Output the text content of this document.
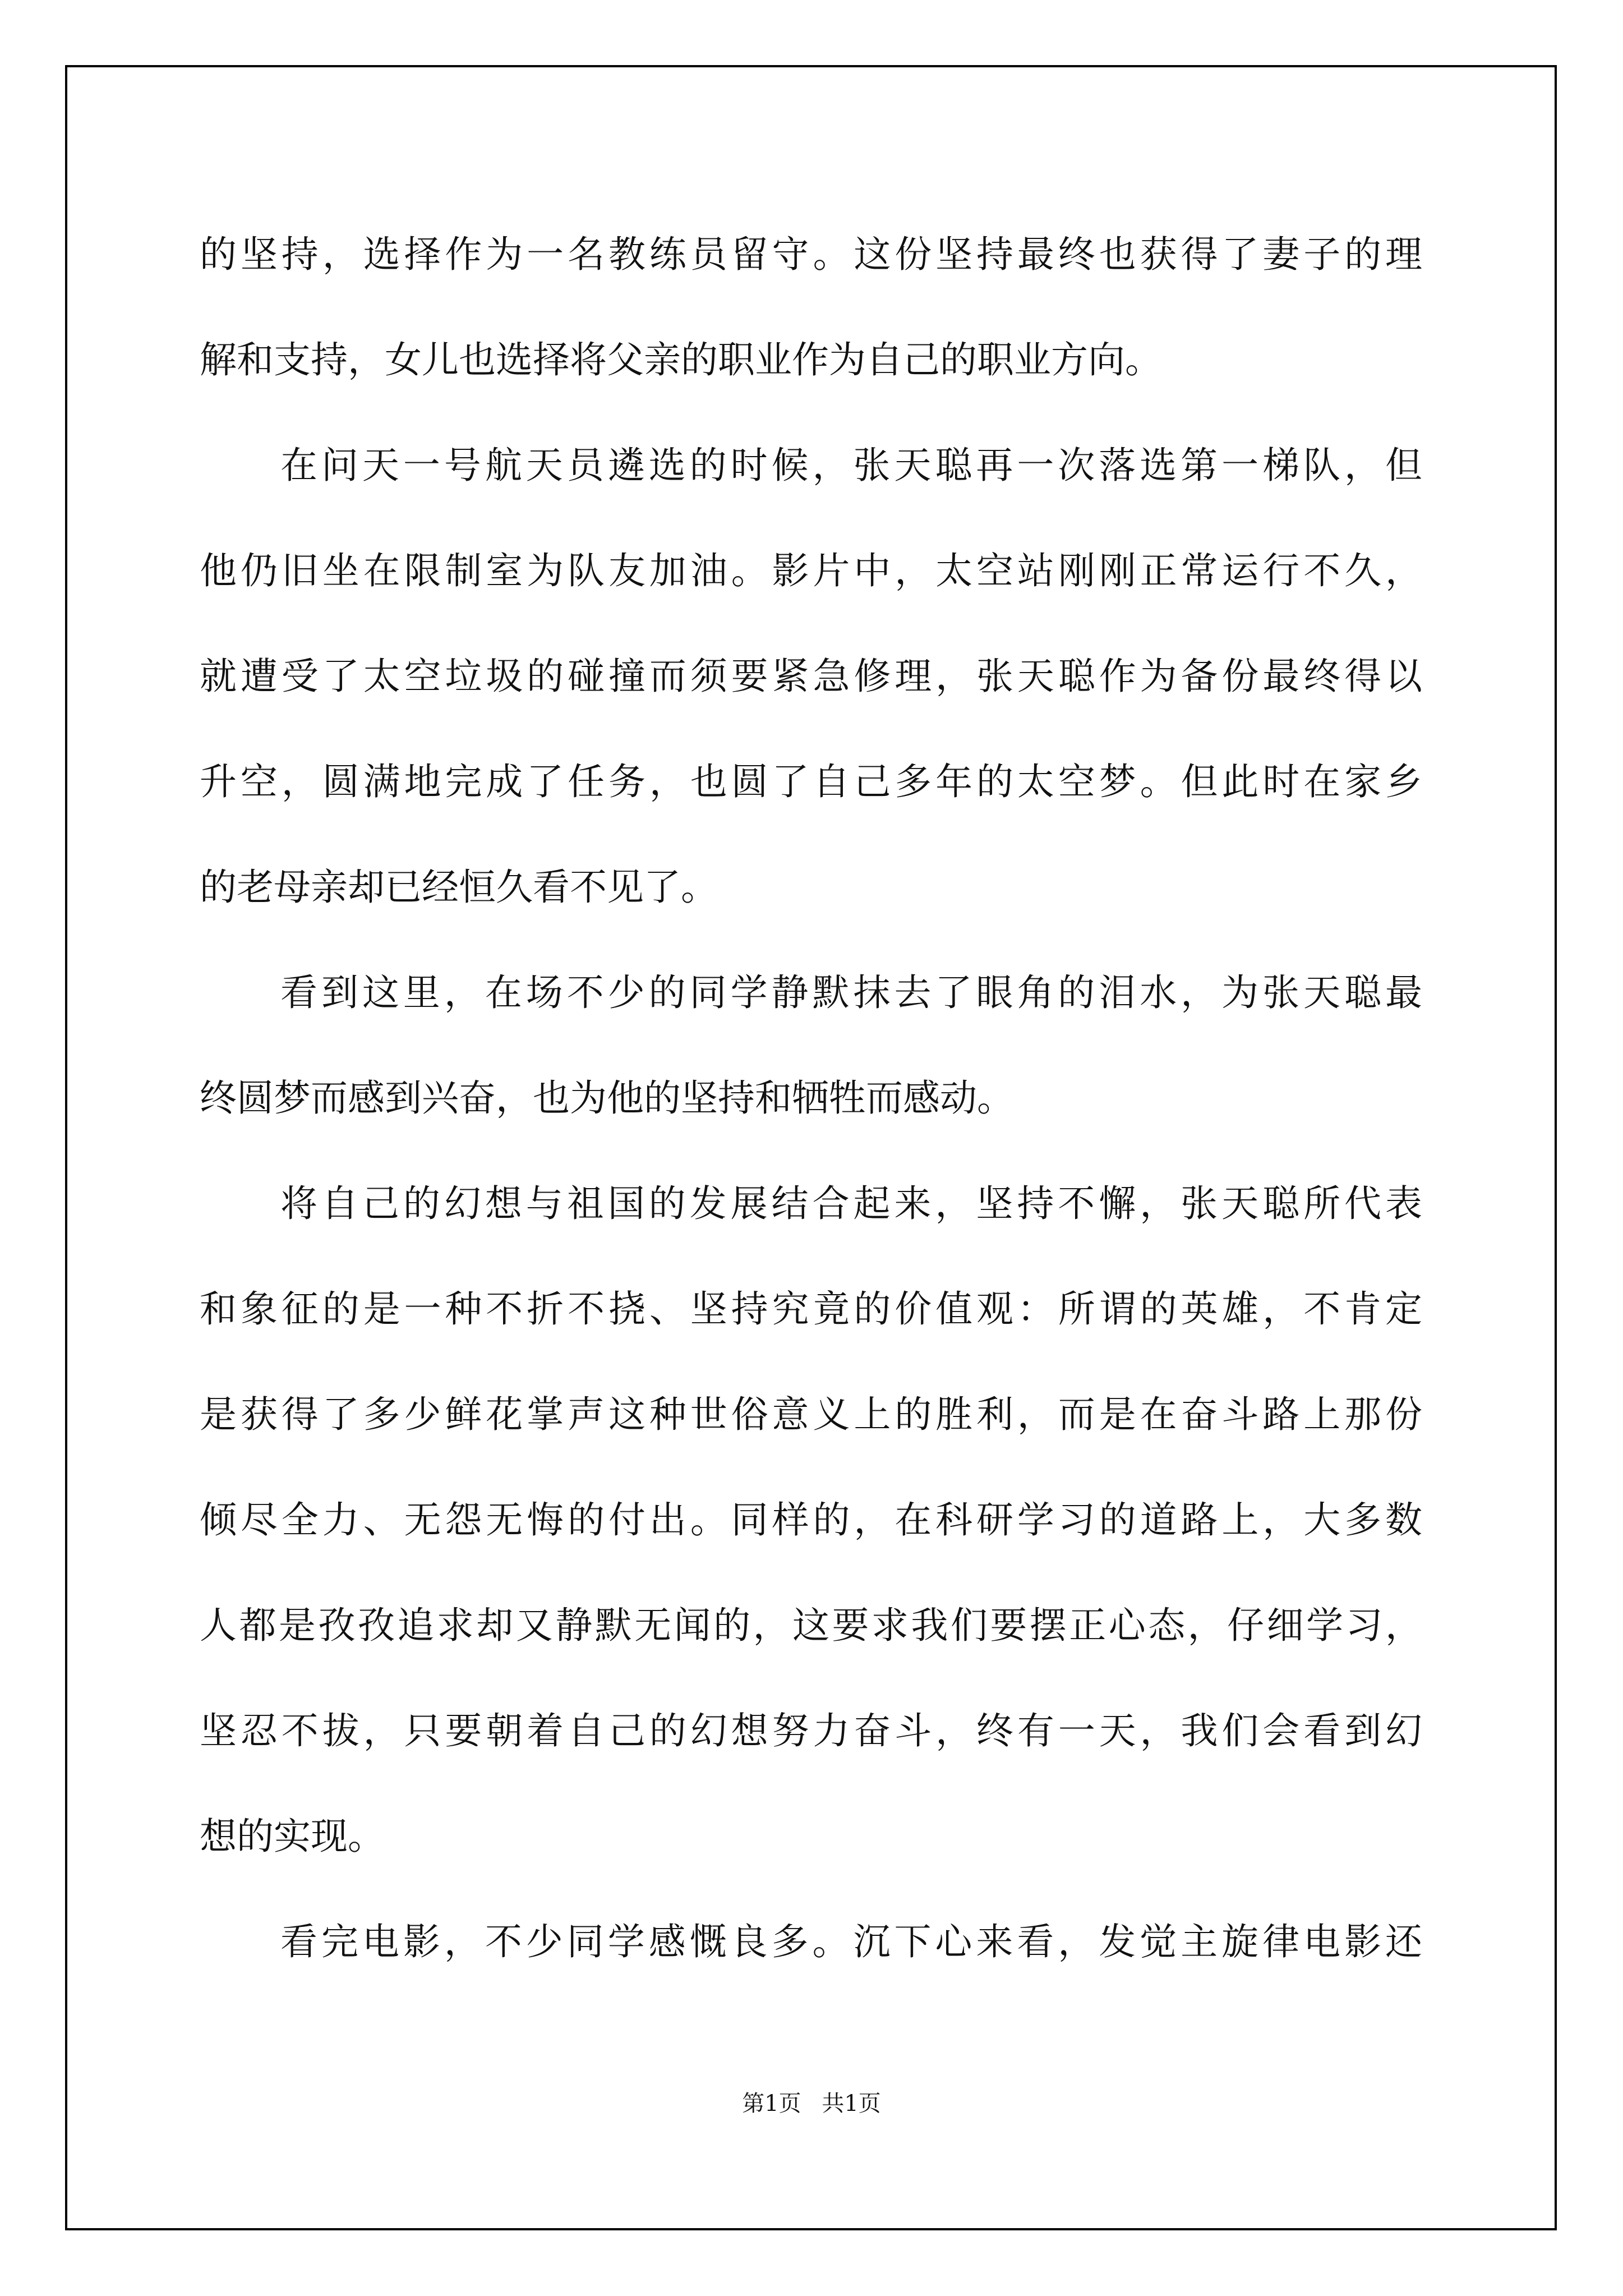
的坚持，选择作为一名教练员留守。这份坚持最终也获得了妻子的理
解和支持，女儿也选择将父亲的职业作为自己的职业方向。
在问天一号航天员遴选的时候，张天聪再一次落选第一梯队，但
他仍旧坐在限制室为队友加油。影片中，太空站刚刚正常运行不久，
就遭受了太空垃圾的碰撞而须要紧急修理，张天聪作为备份最终得以
升空，圆满地完成了任务，也圆了自己多年的太空梦。但此时在家乡
的老母亲却已经恒久看不见了。
看到这里，在场不少的同学静默抹去了眼角的泪水，为张天聪最
终圆梦而感到兴奋，也为他的坚持和牺牲而感动。
将自己的幻想与祖国的发展结合起来，坚持不懈，张天聪所代表
和象征的是一种不折不挠、坚持究竟的价值观：所谓的英雄，不肯定
是获得了多少鲜花掌声这种世俗意义上的胜利，而是在奋斗路上那份
倾尽全力、无怨无悔的付出。同样的，在科研学习的道路上，大多数
人都是孜孜追求却又静默无闻的，这要求我们要摆正心态，仔细学习，
坚忍不拔，只要朝着自己的幻想努力奋斗，终有一天，我们会看到幻
想的实现。
看完电影，不少同学感慨良多。沉下心来看，发觉主旋律电影还
第1页 共1页
